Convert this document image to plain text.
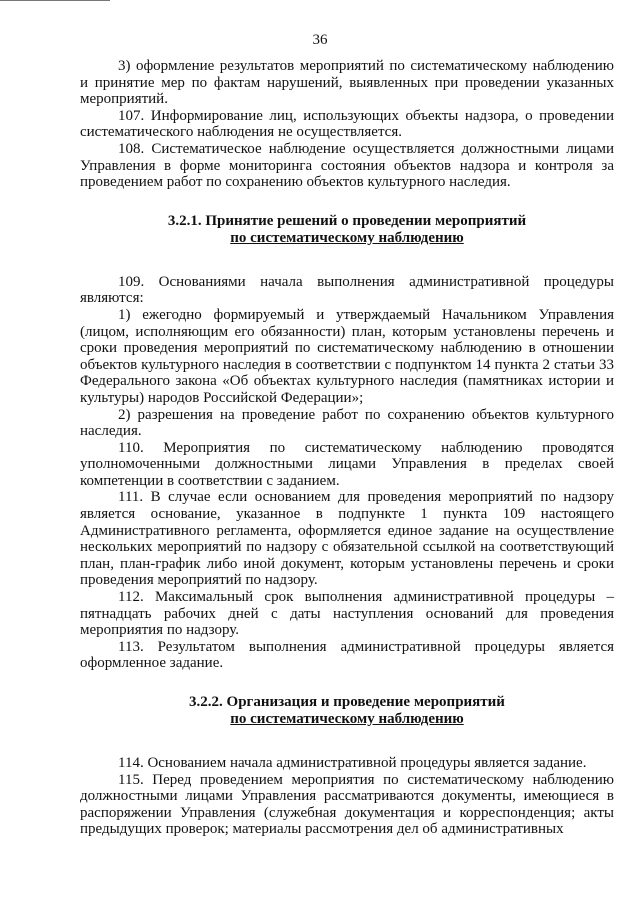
36

3) оформление результатов мероприятий по систематическому наблюдению и принятие мер по фактам нарушений, выявленных при проведении указанных мероприятий.

107. Информирование лиц, использующих объекты надзора, о проведении систематического наблюдения не осуществляется.

108. Систематическое наблюдение осуществляется должностными лицами Управления в форме мониторинга состояния объектов надзора и контроля за проведением работ по сохранению объектов культурного наследия.

3.2.1. Принятие решений о проведении мероприятий
по систематическому наблюдению

109. Основаниями начала выполнения административной процедуры являются:

1) ежегодно формируемый и утверждаемый Начальником Управления (лицом, исполняющим его обязанности) план, которым установлены перечень и сроки проведения мероприятий по систематическому наблюдению в отношении объектов культурного наследия в соответствии с подпунктом 14 пункта 2 статьи 33 Федерального закона «Об объектах культурного наследия (памятниках истории и культуры) народов Российской Федерации»;

2) разрешения на проведение работ по сохранению объектов культурного наследия.

110. Мероприятия по систематическому наблюдению проводятся уполномоченными должностными лицами Управления в пределах своей компетенции в соответствии с заданием.

111. В случае если основанием для проведения мероприятий по надзору является основание, указанное в подпункте 1 пункта 109 настоящего Административного регламента, оформляется единое задание на осуществление нескольких мероприятий по надзору с обязательной ссылкой на соответствующий план, план-график либо иной документ, которым установлены перечень и сроки проведения мероприятий по надзору.

112. Максимальный срок выполнения административной процедуры – пятнадцать рабочих дней с даты наступления оснований для проведения мероприятия по надзору.

113. Результатом выполнения административной процедуры является оформленное задание.

3.2.2. Организация и проведение мероприятий
по систематическому наблюдению

114. Основанием начала административной процедуры является задание.

115. Перед проведением мероприятия по систематическому наблюдению должностными лицами Управления рассматриваются документы, имеющиеся в распоряжении Управления (служебная документация и корреспонденция; акты предыдущих проверок; материалы рассмотрения дел об административных
